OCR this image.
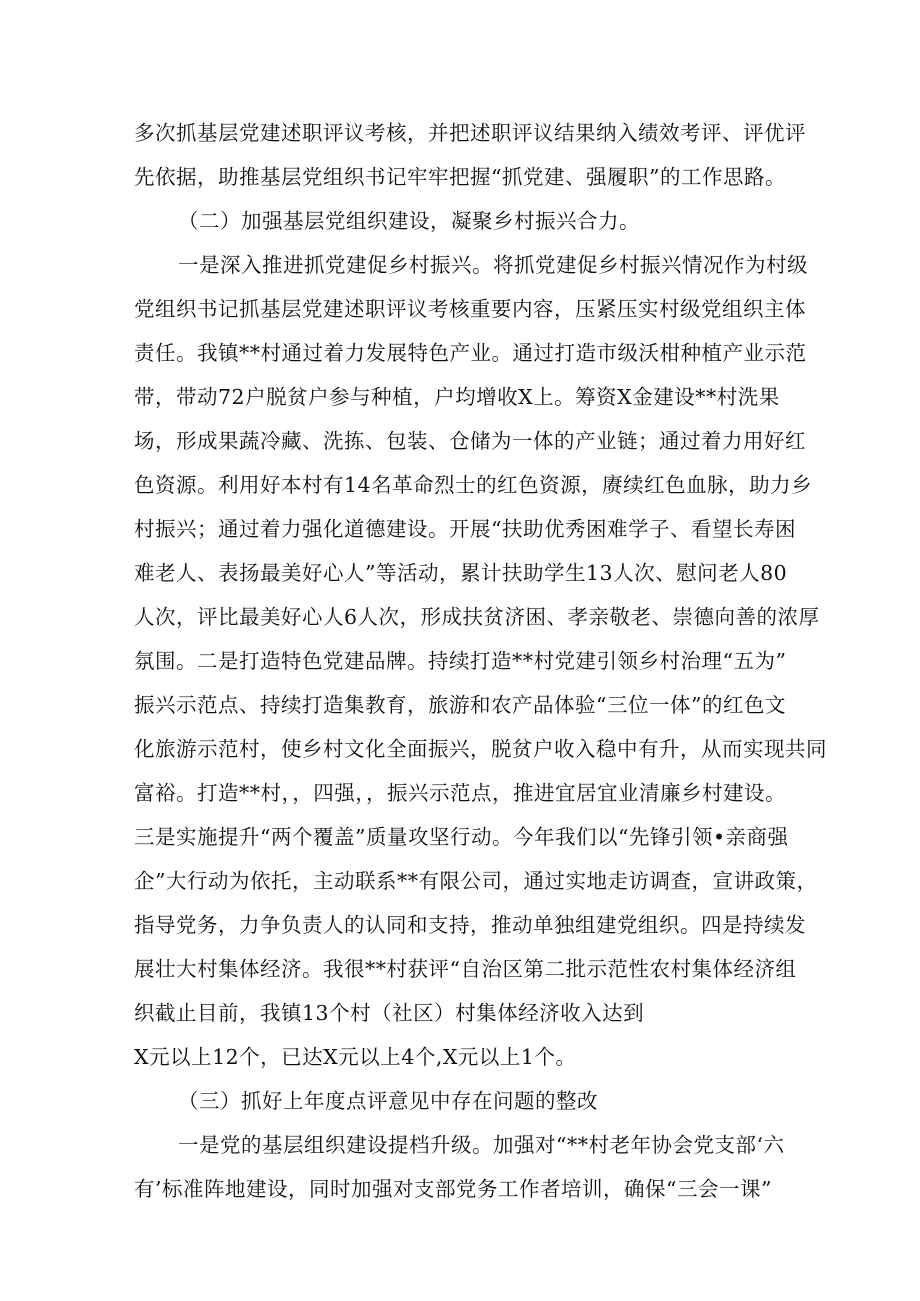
多次抓基层党建述职评议考核，并把述职评议结果纳入绩效考评、评优评
先依据，助推基层党组织书记牢牢把握“抓党建、强履职”的工作思路。
（二）加强基层党组织建设，凝聚乡村振兴合力。
一是深入推进抓党建促乡村振兴。将抓党建促乡村振兴情况作为村级
党组织书记抓基层党建述职评议考核重要内容，压紧压实村级党组织主体
责任。我镇**村通过着力发展特色产业。通过打造市级沃柑种植产业示范
带，带动72户脱贫户参与种植，户均增收X上。筹资X金建设**村洗果
场，形成果蔬冷藏、洗拣、包装、仓储为一体的产业链；通过着力用好红
色资源。利用好本村有14名革命烈士的红色资源，赓续红色血脉，助力乡
村振兴；通过着力强化道德建设。开展“扶助优秀困难学子、看望长寿困
难老人、表扬最美好心人”等活动，累计扶助学生13人次、慰问老人80
人次，评比最美好心人6人次，形成扶贫济困、孝亲敬老、崇德向善的浓厚
氛围。二是打造特色党建品牌。持续打造**村党建引领乡村治理“五为”
振兴示范点、持续打造集教育，旅游和农产品体验“三位一体”的红色文
化旅游示范村，使乡村文化全面振兴，脱贫户收入稳中有升，从而实现共同
富裕。打造**村，，四强，，振兴示范点，推进宜居宜业清廉乡村建设。
三是实施提升“两个覆盖”质量攻坚行动。今年我们以“先锋引领•亲商强
企”大行动为依托，主动联系**有限公司，通过实地走访调查，宣讲政策，
指导党务，力争负责人的认同和支持，推动单独组建党组织。四是持续发
展壮大村集体经济。我很**村获评“自治区第二批示范性农村集体经济组
织截止目前，我镇13个村（社区）村集体经济收入达到
X元以上12个，已达X元以上4个,X元以上1个。
（三）抓好上年度点评意见中存在问题的整改
一是党的基层组织建设提档升级。加强对“**村老年协会党支部‘六
有’标准阵地建设，同时加强对支部党务工作者培训，确保“三会一课”
